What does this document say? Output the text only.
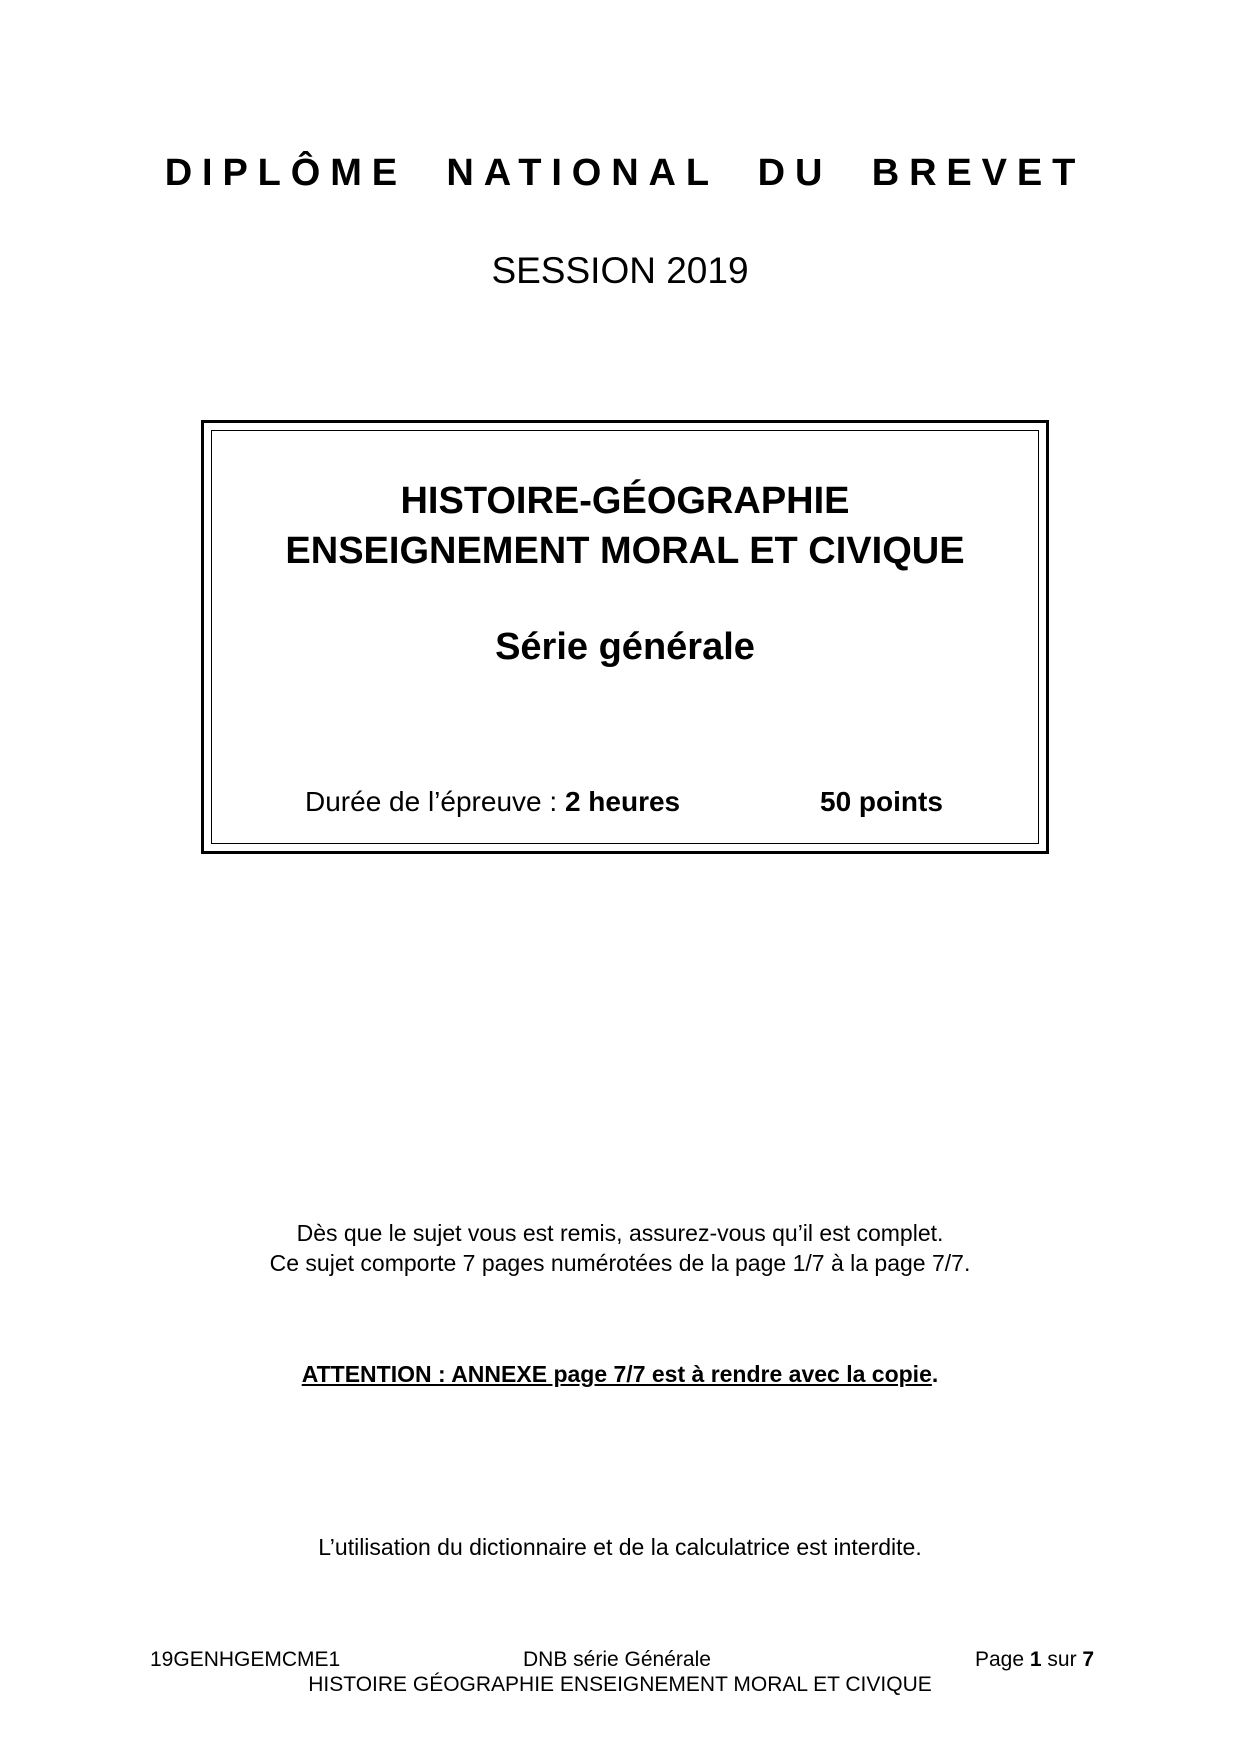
DIPLÔME NATIONAL DU BREVET
SESSION 2019
HISTOIRE-GÉOGRAPHIE
ENSEIGNEMENT MORAL ET CIVIQUE
Série générale
Durée de l’épreuve : 2 heures	50 points
Dès que le sujet vous est remis, assurez-vous qu’il est complet.
Ce sujet comporte 7 pages numérotées de la page 1/7 à la page 7/7.
ATTENTION : ANNEXE page 7/7 est à rendre avec la copie.
L’utilisation du dictionnaire et de la calculatrice est interdite.
19GENHGEMCME1	DNB série Générale	Page 1 sur 7
HISTOIRE GÉOGRAPHIE ENSEIGNEMENT MORAL ET CIVIQUE
